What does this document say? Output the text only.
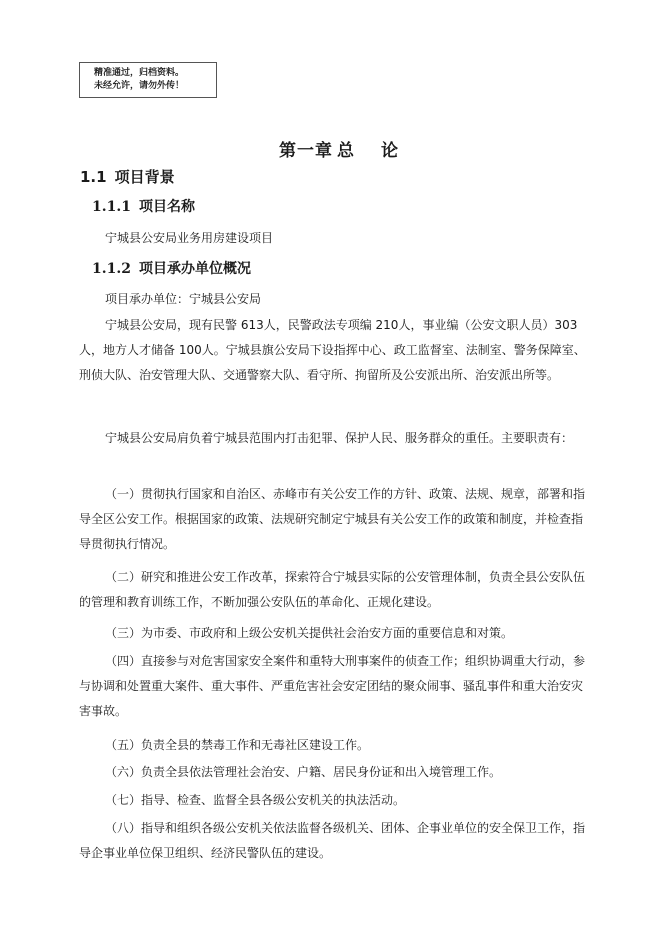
精准通过，归档资料。
未经允许，请勿外传！
第一章 总 论
1.1 项目背景
1.1.1 项目名称

宁城县公安局业务用房建设项目

1.1.2 项目承办单位概况

项目承办单位：宁城县公安局

宁城县公安局，现有民警 613人，民警政法专项编 210人，事业编（公安文职人员）303人，地方人才储备 100人。宁城县旗公安局下设指挥中心、政工监督室、法制室、警务保障室、刑侦大队、治安管理大队、交通警察大队、看守所、拘留所及公安派出所、治安派出所等。

宁城县公安局肩负着宁城县范围内打击犯罪、保护人民、服务群众的重任。主要职责有：

（一）贯彻执行国家和自治区、赤峰市有关公安工作的方针、政策、法规、规章，部署和指导全区公安工作。根据国家的政策、法规研究制定宁城县有关公安工作的政策和制度，并检查指导贯彻执行情况。

（二）研究和推进公安工作改革，探索符合宁城县实际的公安管理体制，负责全县公安队伍的管理和教育训练工作，不断加强公安队伍的革命化、正规化建设。

（三）为市委、市政府和上级公安机关提供社会治安方面的重要信息和对策。

（四）直接参与对危害国家安全案件和重特大刑事案件的侦查工作；组织协调重大行动，参与协调和处置重大案件、重大事件、严重危害社会安定团结的聚众闹事、骚乱事件和重大治安灾害事故。

（五）负责全县的禁毒工作和无毒社区建设工作。

（六）负责全县依法管理社会治安、户籍、居民身份证和出入境管理工作。

（七）指导、检查、监督全县各级公安机关的执法活动。

（八）指导和组织各级公安机关依法监督各级机关、团体、企事业单位的安全保卫工作，指导企事业单位保卫组织、经济民警队伍的建设。
